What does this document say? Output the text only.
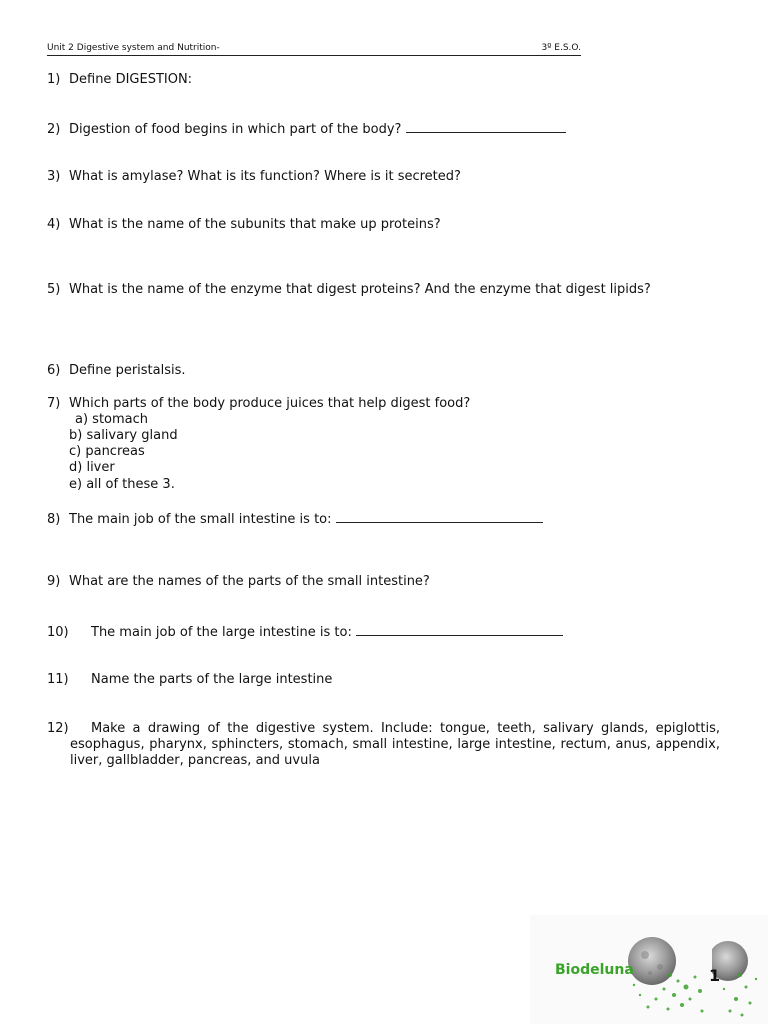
Unit 2 Digestive system and Nutrition-	3º E.S.O.
1) Define DIGESTION:
2) Digestion of food begins in which part of the body?
3) What is amylase? What is its function? Where is it secreted?
4) What is the name of the subunits that make up proteins?
5) What is the name of the enzyme that digest proteins? And the enzyme that digest lipids?
6) Define peristalsis.
7) Which parts of the body produce juices that help digest food?
a) stomach
b) salivary gland
c) pancreas
d) liver
e) all of these 3.
8) The main job of the small intestine is to:
9) What are the names of the parts of the small intestine?
10) The main job of the large intestine is to:
11) Name the parts of the large intestine
12)	Make a drawing of the digestive system. Include: tongue, teeth, salivary glands, epiglottis, esophagus, pharynx, sphincters, stomach, small intestine, large intestine, rectum, anus, appendix, liver, gallbladder, pancreas, and uvula
Biodeluna	1
